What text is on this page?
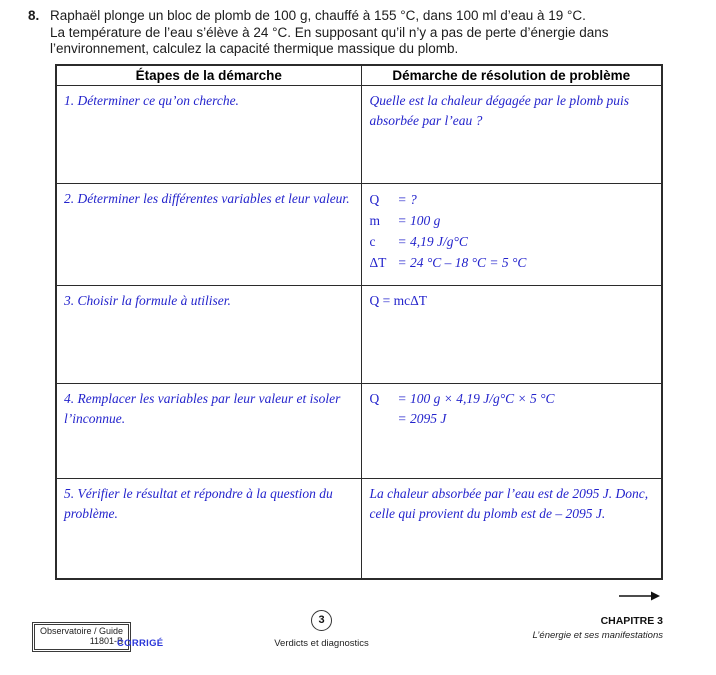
8. Raphaël plonge un bloc de plomb de 100 g, chauffé à 155 °C, dans 100 ml d’eau à 19 °C.
La température de l’eau s’élève à 24 °C. En supposant qu’il n’y a pas de perte d’énergie dans
l’environnement, calculez la capacité thermique massique du plomb.
Étapes de la démarche	Démarche de résolution de problème
1. Déterminer ce qu’on cherche.	Quelle est la chaleur dégagée par le plomb puis absorbée par l’eau ?
2. Déterminer les différentes variables et leur valeur.	Q = ?
m = 100 g
c = 4,19 J/g°C
ΔT = 24 °C – 18 °C = 5 °C

3. Choisir la formule à utiliser.	Q = mcΔT
4. Remplacer les variables par leur valeur et isoler l’inconnue.	Q = 100 g × 4,19 J/g°C × 5 °C
= 2095 J

5. Vérifier le résultat et répondre à la question du problème.	La chaleur absorbée par l’eau est de 2095 J. Donc, celle qui provient du plomb est de – 2095 J.
Observatoire / Guide
11801-B
CORRIGÉ
3
Verdicts et diagnostics
CHAPITRE 3
L’énergie et ses manifestations
